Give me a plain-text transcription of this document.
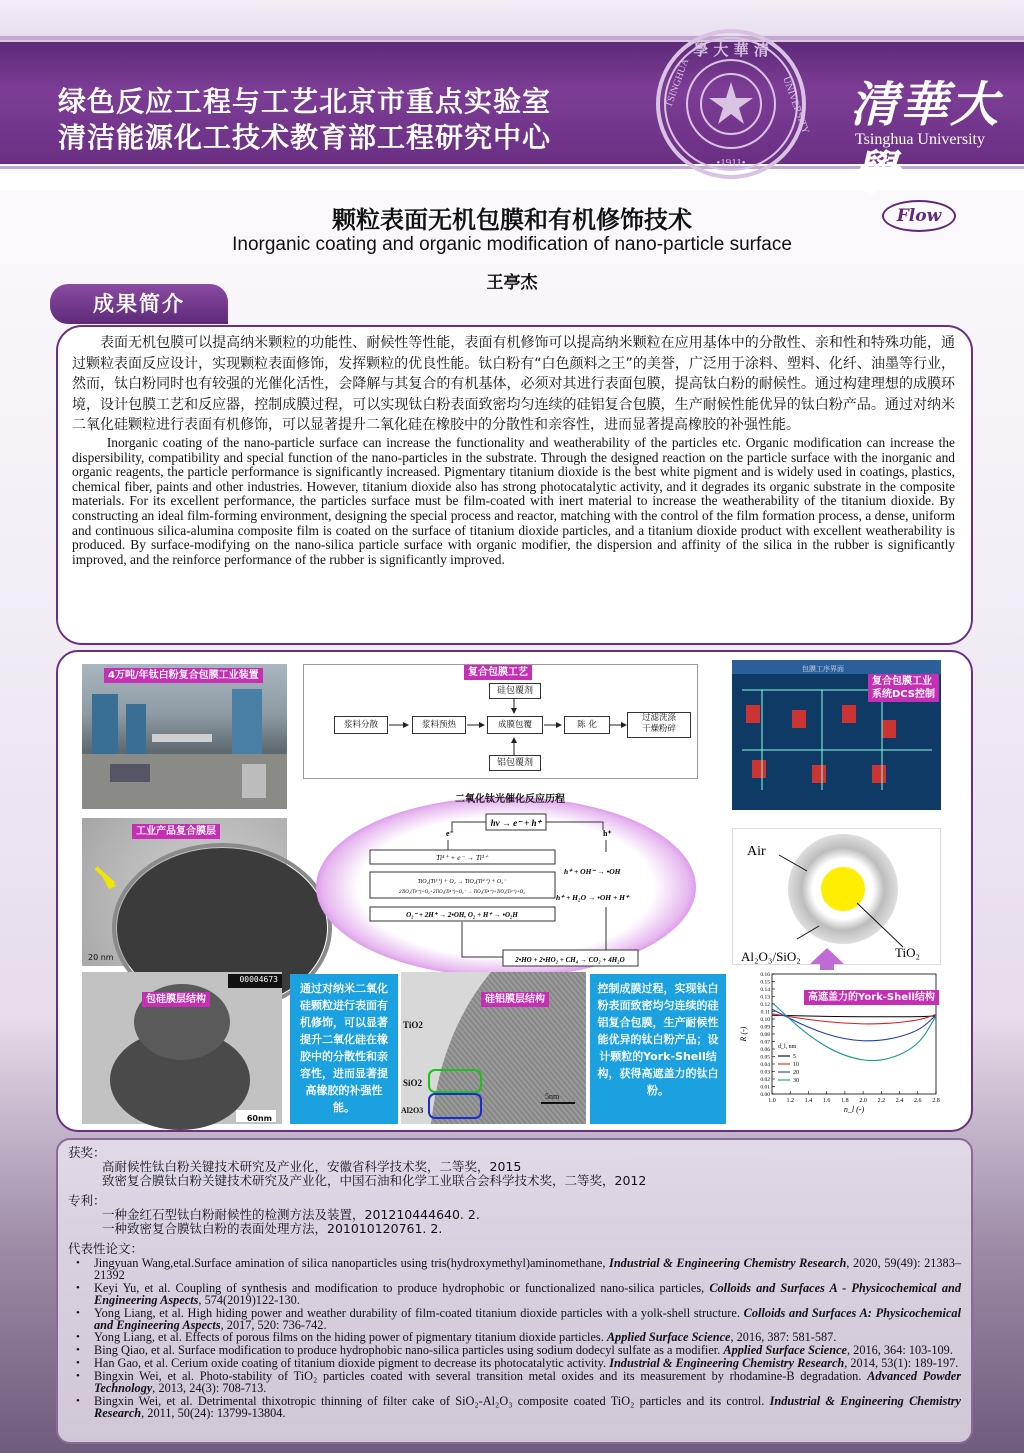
绿色反应工程与工艺北京市重点实验室
清洁能源化工技术教育部工程研究中心
學 大 華 清
•1911•
TSINGHUA	UNIVERSITY 清華大學
Tsinghua University
颗粒表面无机包膜和有机修饰技术
Inorganic coating and organic modification of nano-particle surface
王亭杰
Flow
成果简介

表面无机包膜可以提高纳米颗粒的功能性、耐候性等性能，表面有机修饰可以提高纳米颗粒在应用基体中的分散性、亲和性和特殊功能，通过颗粒表面反应设计，实现颗粒表面修饰，发挥颗粒的优良性能。钛白粉有“白色颜料之王”的美誉，广泛用于涂料、塑料、化纤、油墨等行业，然而，钛白粉同时也有较强的光催化活性，会降解与其复合的有机基体，必须对其进行表面包膜，提高钛白粉的耐候性。通过构建理想的成膜环境，设计包膜工艺和反应器，控制成膜过程，可以实现钛白粉表面致密均匀连续的硅铝复合包膜，生产耐候性能优异的钛白粉产品。通过对纳米二氧化硅颗粒进行表面有机修饰，可以显著提升二氧化硅在橡胶中的分散性和亲容性，进而显著提高橡胶的补强性能。

Inorganic coating of the nano-particle surface can increase the functionality and weatherability of the particles etc. Organic modification can increase the dispersibility, compatibility and special function of the nano-particles in the substrate. Through the designed reaction on the particle surface with the inorganic and organic reagents, the particle performance is significantly increased. Pigmentary titanium dioxide is the best white pigment and is widely used in coatings, plastics, chemical fiber, paints and other industries. However, titanium dioxide also has strong photocatalytic activity, and it degrades its organic substrate in the composite materials. For its excellent performance, the particles surface must be film-coated with inert material to increase the weatherability of the titanium dioxide. By constructing an ideal film-forming environment, designing the special process and reactor, matching with the control of the film formation process, a dense, uniform and continuous silica-alumina composite film is coated on the surface of titanium dioxide particles, and a titanium dioxide product with excellent weatherability is produced. By surface-modifying on the nano-silica particle surface with organic modifier, the dispersion and affinity of the silica in the rubber is significantly improved, and the reinforce performance of the rubber is significantly improved.

4万吨/年钛白粉复合包膜工业装置	复合包膜工艺
硅包覆剂
铝包覆剂
浆料分散	浆料预热	成膜包覆	陈 化
过滤洗涤
干燥粉碎
包膜工序界面
复合包膜工业
系统DCS控制
工业产品复合膜层
20 nm
二氧化钛光催化反应历程
hv → e⁻ + h⁺
e⁻	h⁺
Ti⁴⁺ + e⁻ → Ti³⁺
TiO₂(Ti³⁺) + O₂ → TiO₂(Ti⁴⁺) + O₂⁻
2TiO₂(Ti³⁺)+O₂+2TiO₂(Ti⁴⁺)+O₂⁻ → TiO₂(Ti⁴⁺)+TiO₂(Ti³⁺)+O₂
O₂⁻ + 2H⁺ → 2•OH, O₂ + H⁺ → •O₂H
h⁺ + OH⁻ → •OH
h⁺ + H₂O → •OH + H⁺
2•HO + 2•HO₂ + CH₄ → CO₂ + 4H₂O
Air
Al₂O₃/SiO₂	TiO₂
包硅膜层结构
00004673
60nm
通过对纳米二氧化硅颗粒进行表面有机修饰，可以显著提升二氧化硅在橡胶中的分散性和亲容性，进而显著提高橡胶的补强性能。
硅铝膜层结构
TiO2
SiO2
Al2O3
5nm
控制成膜过程，实现钛白粉表面致密均匀连续的硅铝复合包膜，生产耐候性能优异的钛白粉产品；设计颗粒的York-Shell结构，获得高遮盖力的钛白粉。	0.00
0.01
0.02
0.03
0.04
0.05
0.06
0.07
0.08
0.09
0.10
0.11
0.12
0.13
0.14
0.15
0.16
1.0 1.2 1.4 1.6 1.8 2.0 2.2 2.4 2.6 2.8
n_l (-)
R (-)
5
10
20
30
d_l, nm
高遮盖力的York-Shell结构
获奖：
高耐候性钛白粉关键技术研究及产业化，安徽省科学技术奖，二等奖，2015
致密复合膜钛白粉关键技术研究及产业化，中国石油和化学工业联合会科学技术奖，二等奖，2012
专利：
一种金红石型钛白粉耐候性的检测方法及装置，201210444640. 2.
一种致密复合膜钛白粉的表面处理方法，201010120761. 2.
代表性论文：
• Jingyuan Wang,etal.Surface amination of silica nanoparticles using tris(hydroxymethyl)aminomethane, Industrial & Engineering Chemistry Research, 2020, 59(49): 21383–21392
• Keyi Yu, et al. Coupling of synthesis and modification to produce hydrophobic or functionalized nano-silica particles, Colloids and Surfaces A - Physicochemical and Engineering Aspects, 574(2019)122-130.
• Yong Liang, et al. High hiding power and weather durability of film-coated titanium dioxide particles with a yolk-shell structure. Colloids and Surfaces A: Physicochemical and Engineering Aspects, 2017, 520: 736-742.
• Yong Liang, et al. Effects of porous films on the hiding power of pigmentary titanium dioxide particles. Applied Surface Science, 2016, 387: 581-587.
• Bing Qiao, et al. Surface modification to produce hydrophobic nano-silica particles using sodium dodecyl sulfate as a modifier. Applied Surface Science, 2016, 364: 103-109.
• Han Gao, et al. Cerium oxide coating of titanium dioxide pigment to decrease its photocatalytic activity. Industrial & Engineering Chemistry Research, 2014, 53(1): 189-197.
• Bingxin Wei, et al. Photo-stability of TiO₂ particles coated with several transition metal oxides and its measurement by rhodamine-B degradation. Advanced Powder Technology, 2013, 24(3): 708-713.
• Bingxin Wei, et al. Detrimental thixotropic thinning of filter cake of SiO₂-Al₂O₃ composite coated TiO₂ particles and its control. Industrial & Engineering Chemistry Research, 2011, 50(24): 13799-13804.
